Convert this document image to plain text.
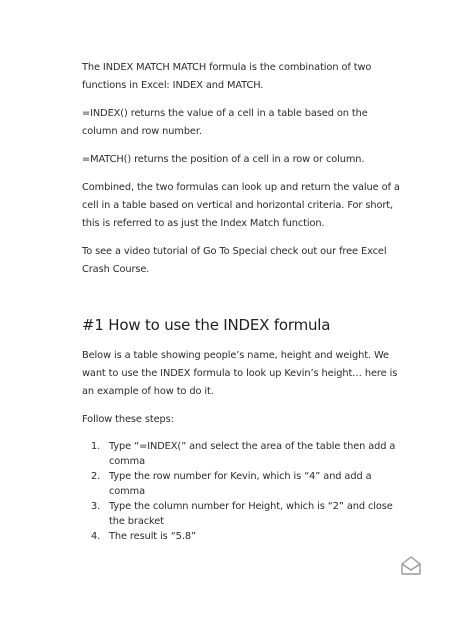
The INDEX MATCH MATCH formula is the combination of two functions in Excel: INDEX and MATCH.

=INDEX() returns the value of a cell in a table based on the column and row number.

=MATCH() returns the position of a cell in a row or column.

Combined, the two formulas can look up and return the value of a cell in a table based on vertical and horizontal criteria. For short, this is referred to as just the Index Match function.

To see a video tutorial of Go To Special check out our free Excel Crash Course.

#1 How to use the INDEX formula

Below is a table showing people’s name, height and weight. We want to use the INDEX formula to look up Kevin’s height… here is an example of how to do it.

Follow these steps:

1. Type “=INDEX(” and select the area of the table then add a comma
2. Type the row number for Kevin, which is “4” and add a comma
3. Type the column number for Height, which is “2” and close the bracket
4. The result is “5.8”
